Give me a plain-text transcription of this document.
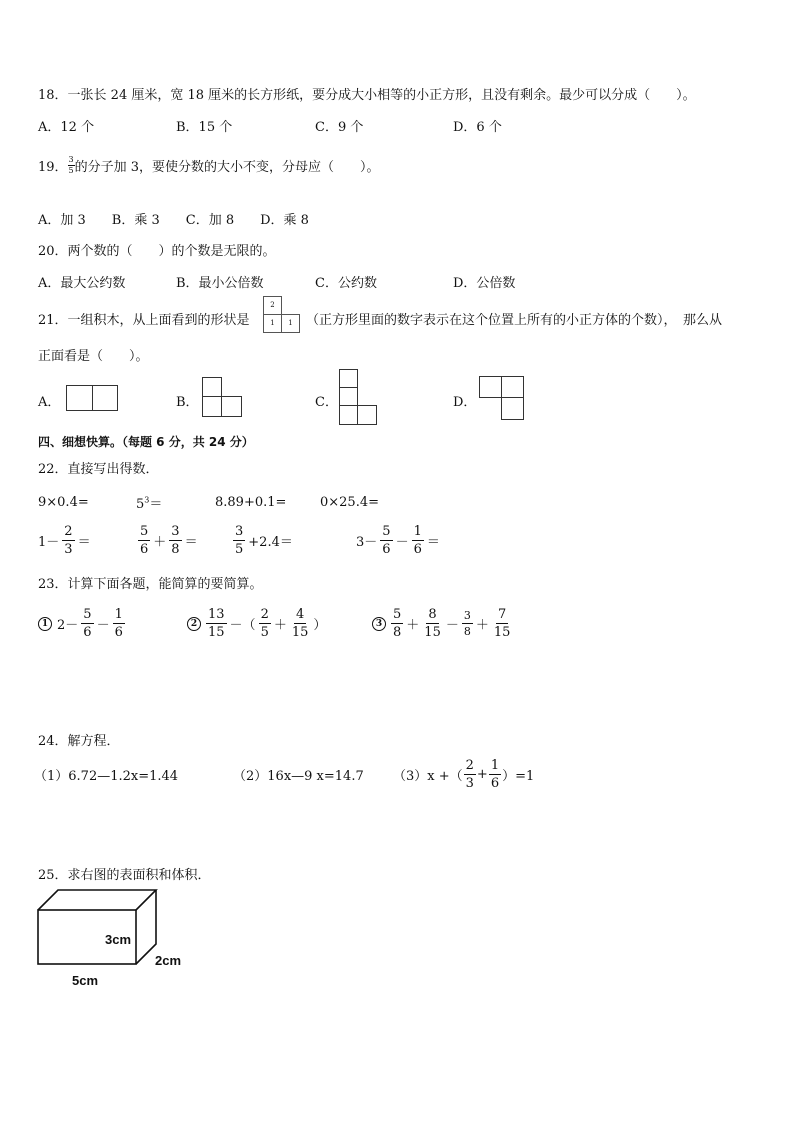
18．一张长 24 厘米，宽 18 厘米的长方形纸，要分成大小相等的小正方形，且没有剩余。最少可以分成（　　）。
A．12 个	B．15 个	C．9 个	D．6 个
19． $\frac{3}{5}$ 的分子加 3，要使分数的大小不变，分母应（　　）。
A．加 3　　B．乘 3　　C．加 8　　D．乘 8
20．两个数的（　　）的个数是无限的。
A．最大公约数	B．最小公倍数	C．公约数	D．公倍数
21．一组积木，从上面看到的形状是
2
1	1	（正方形里面的数字表示在这个位置上所有的小正方体的个数），　那么从
正面看是（　　）。
A．	B．	C．	D．
四、细想快算。（每题 6 分，共 24 分）
22．直接写出得数．
9×0.4=	$5^3=$	8.89+0.1=	0×25.4=
$1- \frac{2}{3}$ ＝	$\frac{5}{6} + \frac{3}{8}$ ＝	$\frac{3}{5} +2.4=$	$3- \frac{5}{6} - \frac{1}{6}$ ＝
23．计算下面各题，能简算的要简算。
1 $2- \frac{5}{6} - \frac{1}{6}$	$2 \frac{13}{15}$ －（ $\frac{2}{5} + \frac{4}{15}$ ）	$3 \frac{5}{8} + \frac{8}{15} - \frac{3}{8} + \frac{7}{15}$
24．解方程．
（1）6.72—1.2x=1.44	（2）16x—9 x=14.7 （3）x +（ $\frac{2}{3} + \frac{1}{6} )=1$
25．求右图的表面积和体积．
3cm
2cm
5cm
